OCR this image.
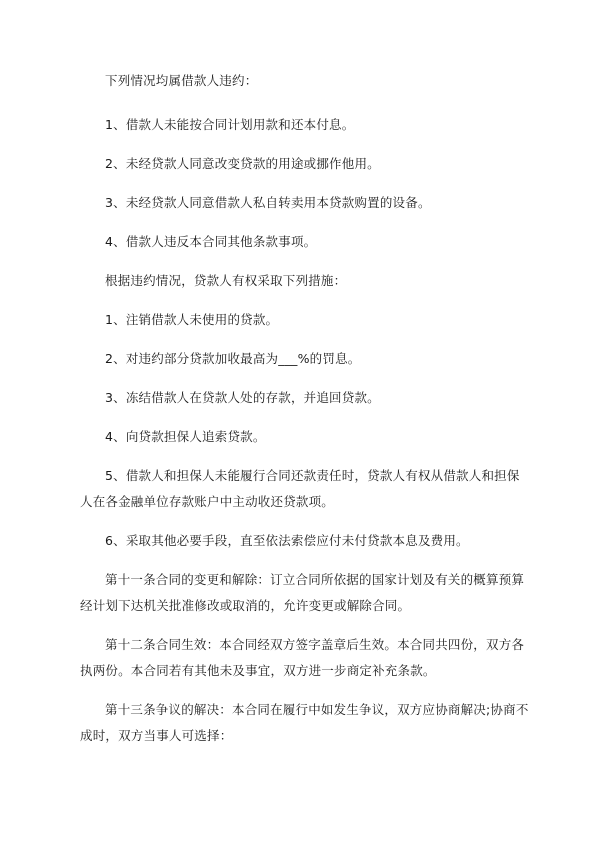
下列情况均属借款人违约：

1、借款人未能按合同计划用款和还本付息。

2、未经贷款人同意改变贷款的用途或挪作他用。

3、未经贷款人同意借款人私自转卖用本贷款购置的设备。

4、借款人违反本合同其他条款事项。

根据违约情况，贷款人有权采取下列措施：

1、注销借款人未使用的贷款。

2、对违约部分贷款加收最高为___%的罚息。

3、冻结借款人在贷款人处的存款，并追回贷款。

4、向贷款担保人追索贷款。

5、借款人和担保人未能履行合同还款责任时，贷款人有权从借款人和担保人在各金融单位存款账户中主动收还贷款项。

6、采取其他必要手段，直至依法索偿应付未付贷款本息及费用。

第十一条合同的变更和解除：订立合同所依据的国家计划及有关的概算预算经计划下达机关批准修改或取消的，允许变更或解除合同。

第十二条合同生效：本合同经双方签字盖章后生效。本合同共四份，双方各执两份。本合同若有其他未及事宜，双方进一步商定补充条款。

第十三条争议的解决：本合同在履行中如发生争议，双方应协商解决;协商不成时，双方当事人可选择：
